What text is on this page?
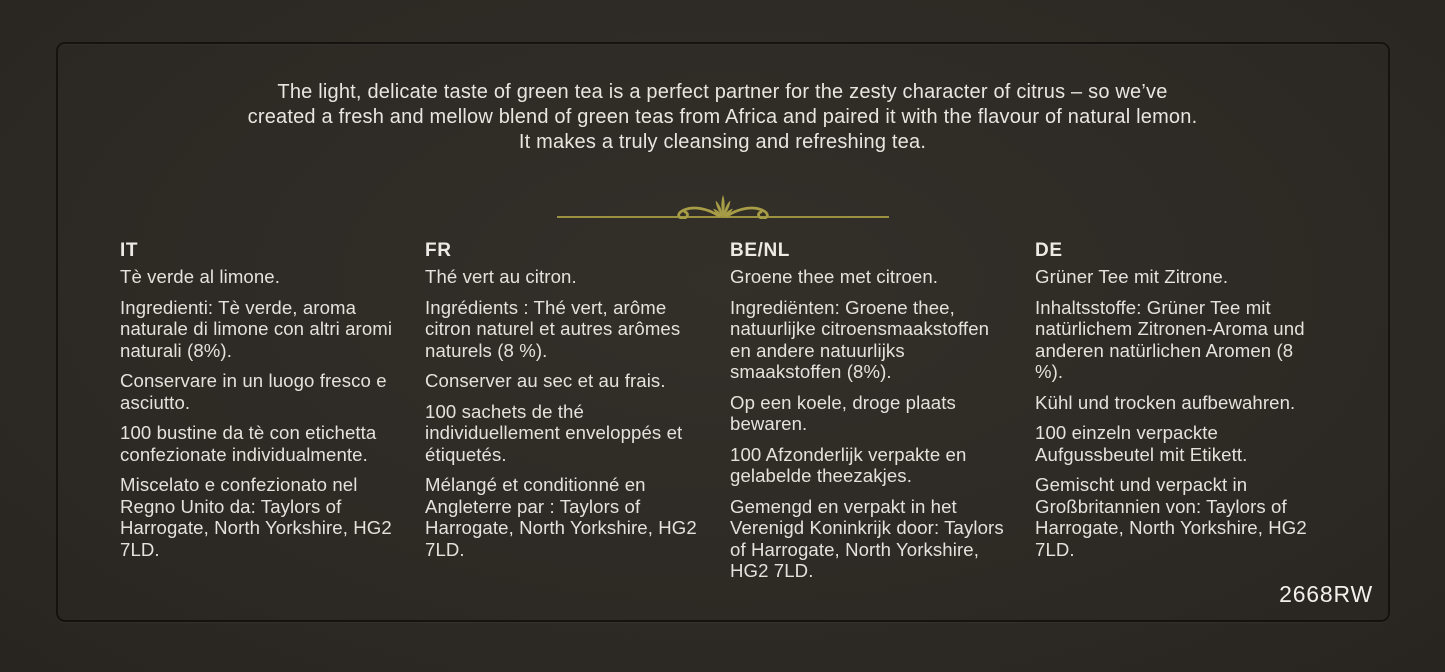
The light, delicate taste of green tea is a perfect partner for the zesty character of citrus – so we’ve
created a fresh and mellow blend of green teas from Africa and paired it with the flavour of natural lemon.
It makes a truly cleansing and refreshing tea.
IT

Tè verde al limone.

Ingredienti: Tè verde, aroma naturale di limone con altri aromi naturali (8%).

Conservare in un luogo fresco e asciutto.

100 bustine da tè con etichetta confezionate individualmente.

Miscelato e confezionato nel Regno Unito da: Taylors of Harrogate, North Yorkshire, HG2 7LD.

FR

Thé vert au citron.

Ingrédients : Thé vert, arôme citron naturel et autres arômes naturels (8 %).

Conserver au sec et au frais.

100 sachets de thé individuellement enveloppés et étiquetés.

Mélangé et conditionné en Angleterre par : Taylors of Harrogate, North Yorkshire, HG2 7LD.

BE/NL

Groene thee met citroen.

Ingrediënten: Groene thee, natuurlijke citroensmaakstoffen en andere natuurlijks smaakstoffen (8%).

Op een koele, droge plaats bewaren.

100 Afzonderlijk verpakte en gelabelde theezakjes.

Gemengd en verpakt in het Verenigd Koninkrijk door: Taylors of Harrogate, North Yorkshire, HG2 7LD.

DE

Grüner Tee mit Zitrone.

Inhaltsstoffe: Grüner Tee mit natürlichem Zitronen-Aroma und anderen natürlichen Aromen (8 %).

Kühl und trocken aufbewahren.

100 einzeln verpackte Aufgussbeutel mit Etikett.

Gemischt und verpackt in Großbritannien von: Taylors of Harrogate, North Yorkshire, HG2 7LD.

2668RW
